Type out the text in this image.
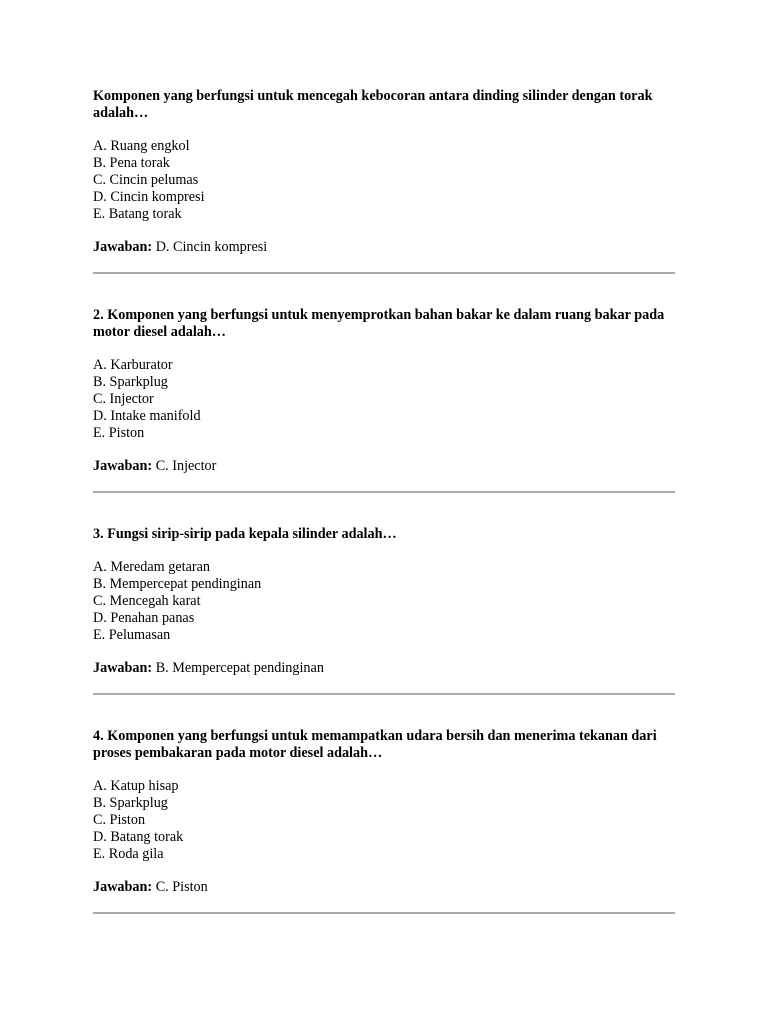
Komponen yang berfungsi untuk mencegah kebocoran antara dinding silinder dengan torak adalah…

A. Ruang engkol
B. Pena torak
C. Cincin pelumas
D. Cincin kompresi
E. Batang torak

Jawaban: D. Cincin kompresi

2. Komponen yang berfungsi untuk menyemprotkan bahan bakar ke dalam ruang bakar pada motor diesel adalah…

A. Karburator
B. Sparkplug
C. Injector
D. Intake manifold
E. Piston

Jawaban: C. Injector

3. Fungsi sirip-sirip pada kepala silinder adalah…

A. Meredam getaran
B. Mempercepat pendinginan
C. Mencegah karat
D. Penahan panas
E. Pelumasan

Jawaban: B. Mempercepat pendinginan

4. Komponen yang berfungsi untuk memampatkan udara bersih dan menerima tekanan dari proses pembakaran pada motor diesel adalah…

A. Katup hisap
B. Sparkplug
C. Piston
D. Batang torak
E. Roda gila

Jawaban: C. Piston
